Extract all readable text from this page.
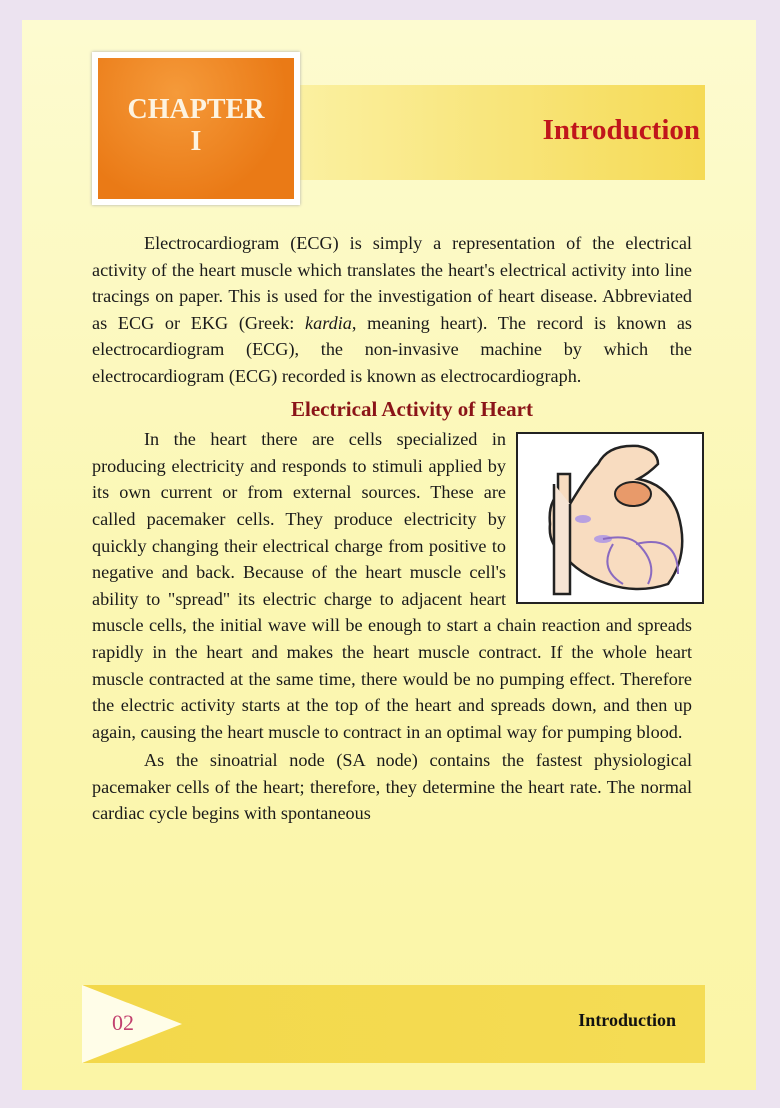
Introduction
CHAPTER
I

Electrocardiogram (ECG) is simply a representation of the electrical activity of the heart muscle which translates the heart's electrical activity into line tracings on paper. This is used for the investigation of heart disease. Abbreviated as ECG or EKG (Greek: kardia, meaning heart). The record is known as electrocardiogram (ECG), the non-invasive machine by which the electrocardiogram (ECG) recorded is known as electrocardiograph.

Electrical Activity of Heart

In the heart there are cells specialized in producing electricity and responds to stimuli applied by its own current or from external sources. These are called pacemaker cells. They produce electricity by quickly changing their electrical charge from positive to negative and back. Because of the heart muscle cell's ability to "spread" its electric charge to adjacent heart muscle cells, the initial wave will be enough to start a chain reaction and spreads rapidly in the heart and makes the heart muscle contract. If the whole heart muscle contracted at the same time, there would be no pumping effect. Therefore the electric activity starts at the top of the heart and spreads down, and then up again, causing the heart muscle to contract in an optimal way for pumping blood.

As the sinoatrial node (SA node) contains the fastest physiological pacemaker cells of the heart; therefore, they determine the heart rate. The normal cardiac cycle begins with spontaneous

02	Introduction
